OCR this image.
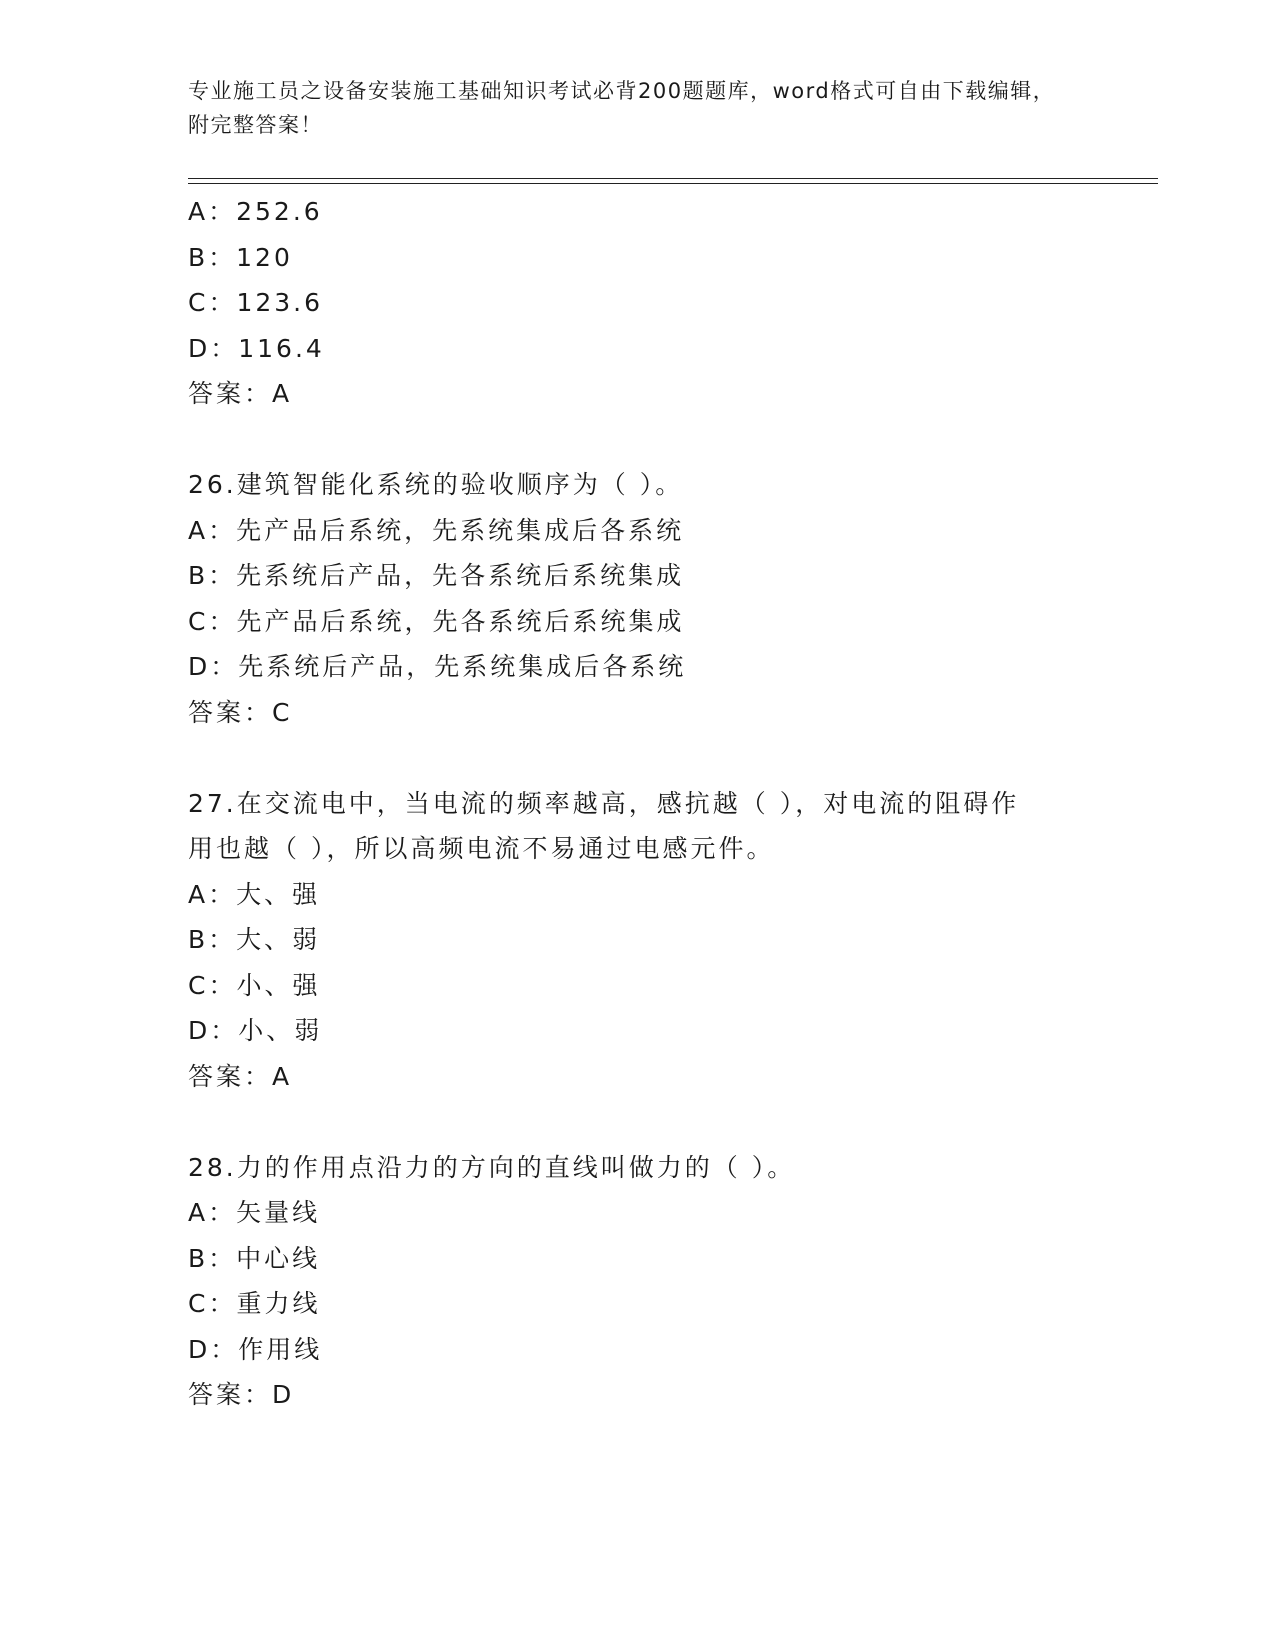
专业施工员之设备安装施工基础知识考试必背200题题库，word格式可自由下载编辑，附完整答案！
A：252.6
B：120
C：123.6
D：116.4
答案：A
26.建筑智能化系统的验收顺序为（ ）。
A：先产品后系统，先系统集成后各系统
B：先系统后产品，先各系统后系统集成
C：先产品后系统，先各系统后系统集成
D：先系统后产品，先系统集成后各系统
答案：C
27.在交流电中，当电流的频率越高，感抗越（ ），对电流的阻碍作
用也越（ ），所以高频电流不易通过电感元件。
A：大、强
B：大、弱
C：小、强
D：小、弱
答案：A
28.力的作用点沿力的方向的直线叫做力的（ ）。
A：矢量线
B：中心线
C：重力线
D：作用线
答案：D
